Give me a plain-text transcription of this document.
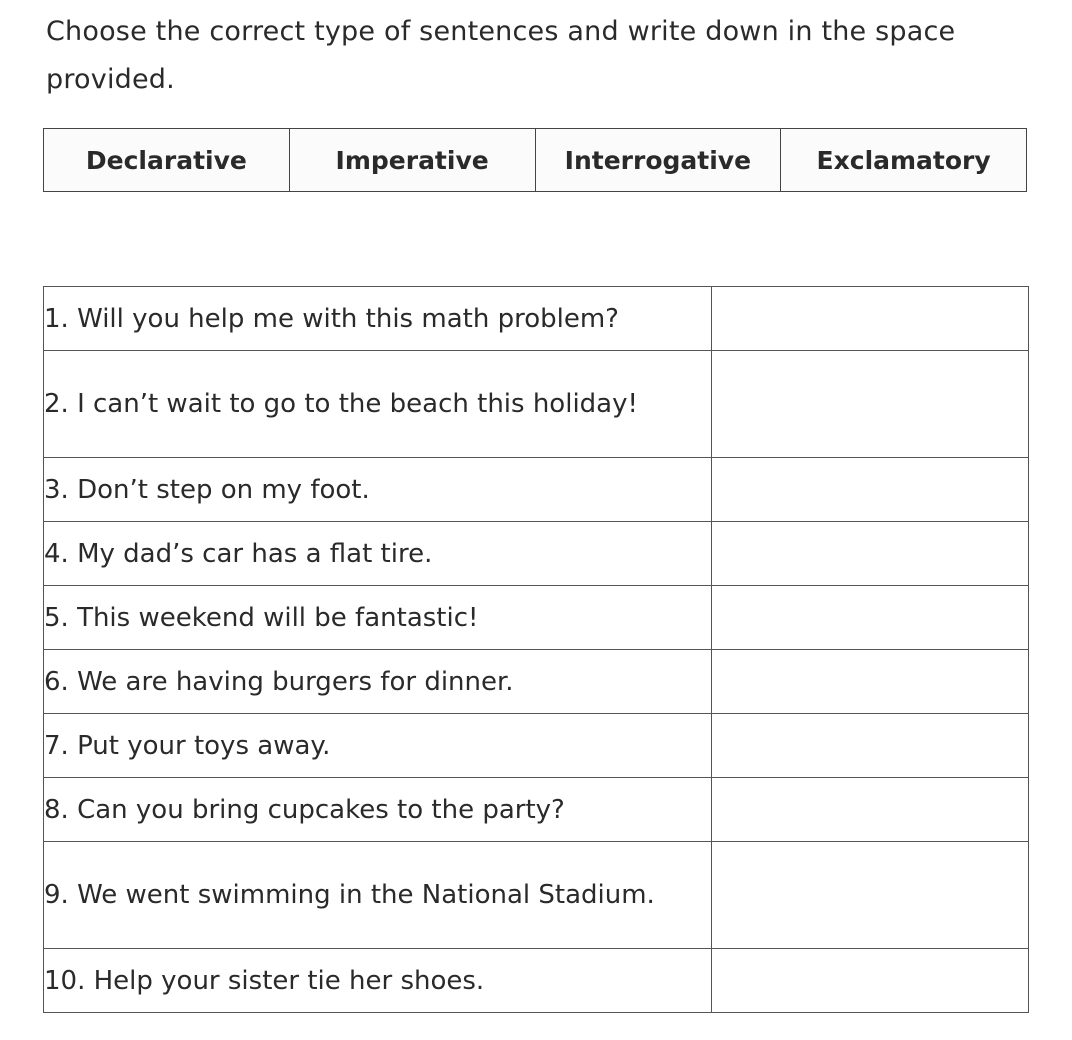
Choose the correct type of sentences and write down in the space provided.

Declarative	Imperative	Interrogative	Exclamatory
1. Will you help me with this math problem?

2. I can’t wait to go to the beach this holiday!

3. Don’t step on my foot.

4. My dad’s car has a flat tire.

5. This weekend will be fantastic!

6. We are having burgers for dinner.

7. Put your toys away.

8. Can you bring cupcakes to the party?

9. We went swimming in the National Stadium.

10. Help your sister tie her shoes.
